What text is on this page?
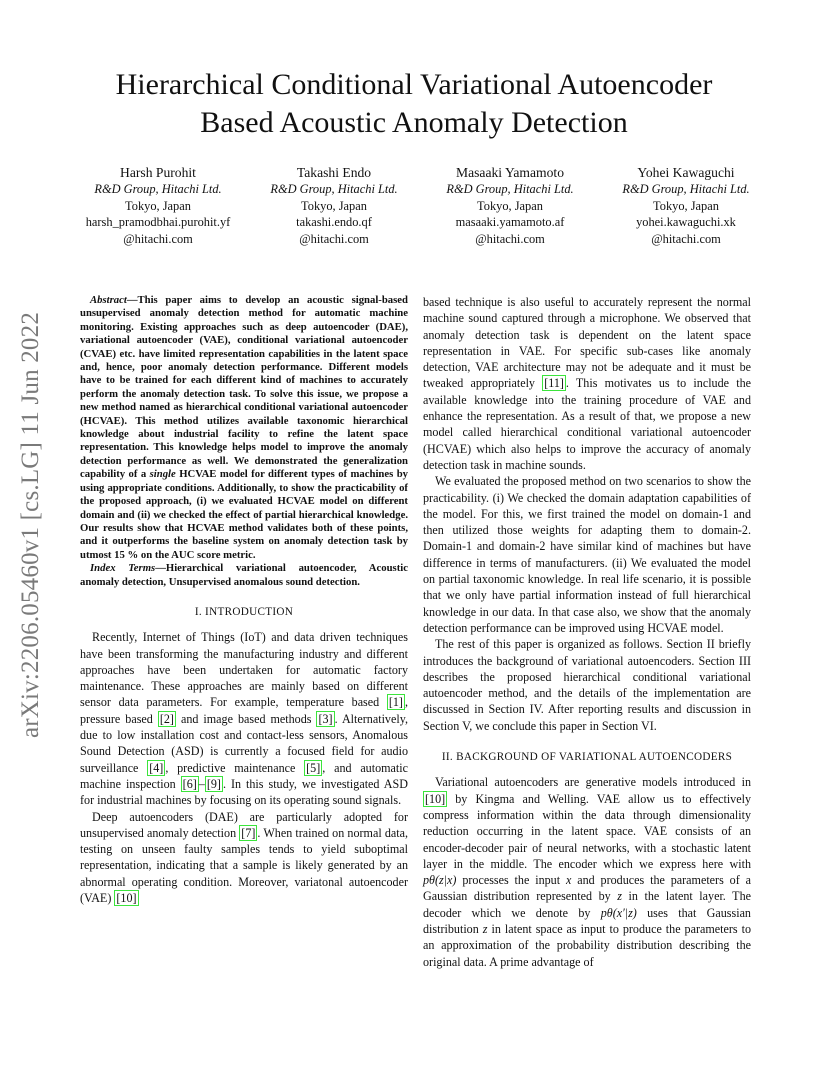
arXiv:2206.05460v1 [cs.LG] 11 Jun 2022
Hierarchical Conditional Variational Autoencoder
Based Acoustic Anomaly Detection
Harsh Purohit
R&D Group, Hitachi Ltd.
Tokyo, Japan
harsh_pramodbhai.purohit.yf
@hitachi.com
Takashi Endo
R&D Group, Hitachi Ltd.
Tokyo, Japan
takashi.endo.qf
@hitachi.com
Masaaki Yamamoto
R&D Group, Hitachi Ltd.
Tokyo, Japan
masaaki.yamamoto.af
@hitachi.com
Yohei Kawaguchi
R&D Group, Hitachi Ltd.
Tokyo, Japan
yohei.kawaguchi.xk
@hitachi.com

Abstract—This paper aims to develop an acoustic signal-based unsupervised anomaly detection method for automatic machine monitoring. Existing approaches such as deep autoencoder (DAE), variational autoencoder (VAE), conditional variational autoencoder (CVAE) etc. have limited representation capabilities in the latent space and, hence, poor anomaly detection performance. Different models have to be trained for each different kind of machines to accurately perform the anomaly detection task. To solve this issue, we propose a new method named as hierarchical conditional variational autoencoder (HCVAE). This method utilizes available taxonomic hierarchical knowledge about industrial facility to refine the latent space representation. This knowledge helps model to improve the anomaly detection performance as well. We demonstrated the generalization capability of a single HCVAE model for different types of machines by using appropriate conditions. Additionally, to show the practicability of the proposed approach, (i) we evaluated HCVAE model on different domain and (ii) we checked the effect of partial hierarchical knowledge. Our results show that HCVAE method validates both of these points, and it outperforms the baseline system on anomaly detection task by utmost 15 % on the AUC score metric.

Index Terms—Hierarchical variational autoencoder, Acoustic anomaly detection, Unsupervised anomalous sound detection.

I. INTRODUCTION

Recently, Internet of Things (IoT) and data driven techniques have been transforming the manufacturing industry and different approaches have been undertaken for automatic factory maintenance. These approaches are mainly based on different sensor data parameters. For example, temperature based [1] , pressure based [2] and image based methods [3] . Alternatively, due to low installation cost and contact-less sensors, Anomalous Sound Detection (ASD) is currently a focused field for audio surveillance [4] , predictive maintenance [5] , and automatic machine inspection [6] – [9] . In this study, we investigated ASD for industrial machines by focusing on its operating sound signals.

Deep autoencoders (DAE) are particularly adopted for unsupervised anomaly detection [7] . When trained on normal data, testing on unseen faulty samples tends to yield suboptimal representation, indicating that a sample is likely generated by an abnormal operating condition. Moreover, variatonal autoencoder (VAE) [10]

based technique is also useful to accurately represent the normal machine sound captured through a microphone. We observed that anomaly detection task is dependent on the latent space representation in VAE. For specific sub-cases like anomaly detection, VAE architecture may not be adequate and it must be tweaked appropriately [11] . This motivates us to include the available knowledge into the training procedure of VAE and enhance the representation. As a result of that, we propose a new model called hierarchical conditional variational autoencoder (HCVAE) which also helps to improve the accuracy of anomaly detection task in machine sounds.

We evaluated the proposed method on two scenarios to show the practicability. (i) We checked the domain adaptation capabilities of the model. For this, we first trained the model on domain-1 and then utilized those weights for adapting them to domain-2. Domain-1 and domain-2 have similar kind of machines but have difference in terms of manufacturers. (ii) We evaluated the model on partial taxonomic knowledge. In real life scenario, it is possible that we only have partial information instead of full hierarchical knowledge in our data. In that case also, we show that the anomaly detection performance can be improved using HCVAE model.

The rest of this paper is organized as follows. Section II briefly introduces the background of variational autoencoders. Section III describes the proposed hierarchical conditional variational autoencoder method, and the details of the implementation are discussed in Section IV. After reporting results and discussion in Section V, we conclude this paper in Section VI.

II. BACKGROUND OF VARIATIONAL AUTOENCODERS

Variational autoencoders are generative models introduced in [10] by Kingma and Welling. VAE allow us to effectively compress information within the data through dimensionality reduction occurring in the latent space. VAE consists of an encoder-decoder pair of neural networks, with a stochastic latent layer in the middle. The encoder which we express here with pθ(z|x) processes the input x and produces the parameters of a Gaussian distribution represented by z in the latent layer. The decoder which we denote by pθ(x′|z) uses that Gaussian distribution z in latent space as input to produce the parameters to an approximation of the probability distribution describing the original data. A prime advantage of
